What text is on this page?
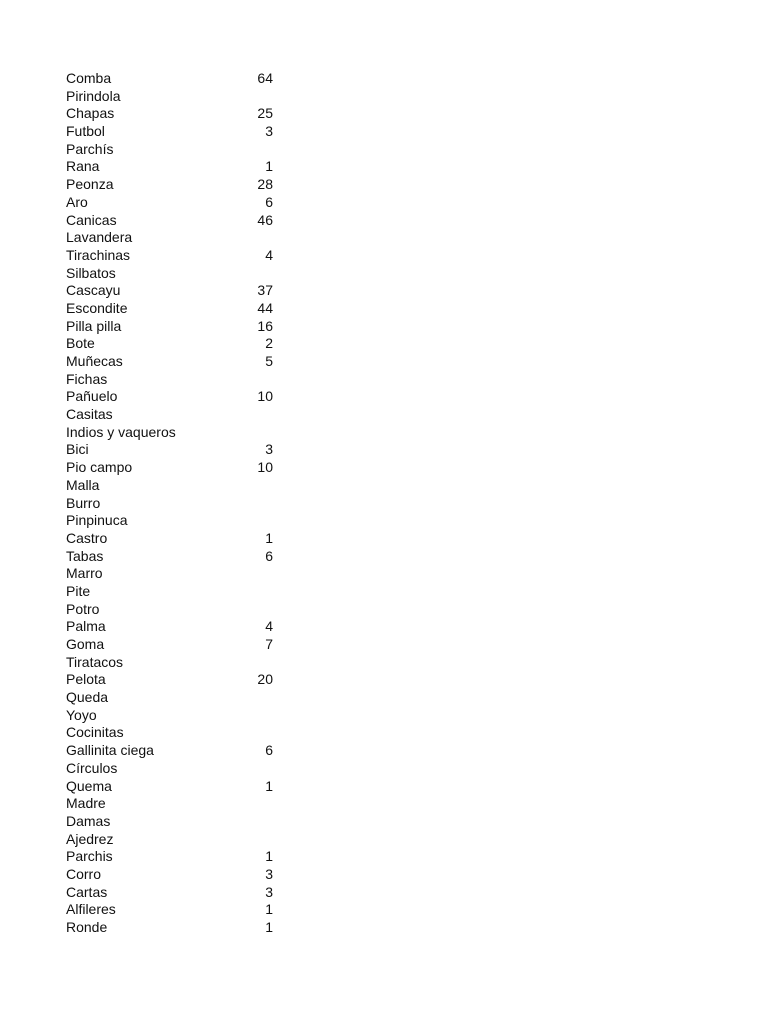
Comba	64
Pirindola
Chapas	25
Futbol	3
Parchís
Rana	1
Peonza	28
Aro	6
Canicas	46
Lavandera
Tirachinas	4
Silbatos
Cascayu	37
Escondite	44
Pilla pilla	16
Bote	2
Muñecas	5
Fichas
Pañuelo	10
Casitas
Indios y vaqueros
Bici	3
Pio campo	10
Malla
Burro
Pinpinuca
Castro	1
Tabas	6
Marro
Pite
Potro
Palma	4
Goma	7
Tiratacos
Pelota	20
Queda
Yoyo
Cocinitas
Gallinita ciega	6
Círculos
Quema	1
Madre
Damas
Ajedrez
Parchis	1
Corro	3
Cartas	3
Alfileres	1
Ronde	1
